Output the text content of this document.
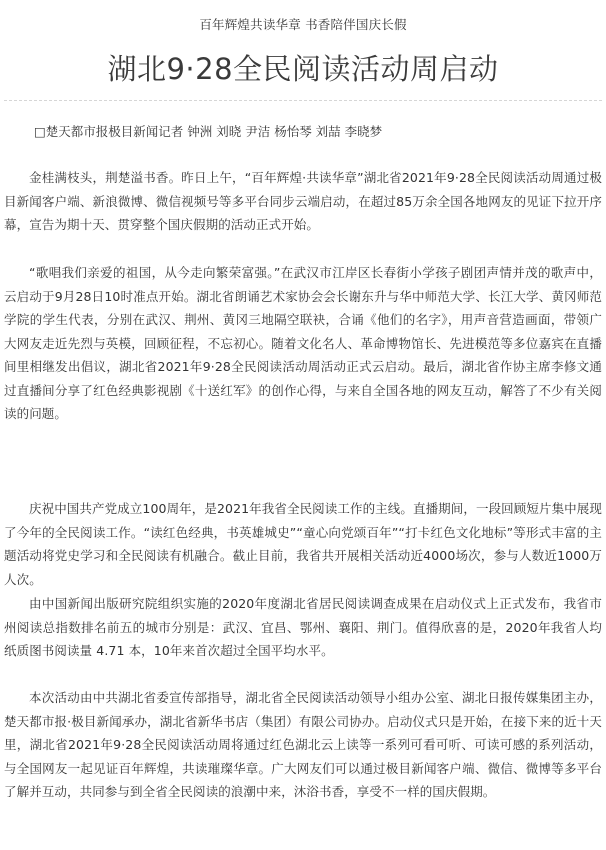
百年辉煌共读华章 书香陪伴国庆长假
湖北9·28全民阅读活动周启动
□楚天都市报极目新闻记者 钟洲 刘晓 尹洁 杨怡琴 刘喆 李晓梦

金桂满枝头，荆楚溢书香。昨日上午，“百年辉煌·共读华章”湖北省2021年9·28全民阅读活动周通过极目新闻客户端、新浪微博、微信视频号等多平台同步云端启动，在超过85万余全国各地网友的见证下拉开序幕，宣告为期十天、贯穿整个国庆假期的活动正式开始。

“歌唱我们亲爱的祖国，从今走向繁荣富强。”在武汉市江岸区长春街小学孩子剧团声情并茂的歌声中，云启动于9月28日10时准点开始。湖北省朗诵艺术家协会会长谢东升与华中师范大学、长江大学、黄冈师范学院的学生代表，分别在武汉、荆州、黄冈三地隔空联袂，合诵《他们的名字》，用声音营造画面，带领广大网友走近先烈与英模，回顾征程，不忘初心。随着文化名人、革命博物馆长、先进模范等多位嘉宾在直播间里相继发出倡议，湖北省2021年9·28全民阅读活动周活动正式云启动。最后，湖北省作协主席李修文通过直播间分享了红色经典影视剧《十送红军》的创作心得，与来自全国各地的网友互动，解答了不少有关阅读的问题。

庆祝中国共产党成立100周年，是2021年我省全民阅读工作的主线。直播期间，一段回顾短片集中展现了今年的全民阅读工作。“读红色经典，书英雄城史”“童心向党颂百年”“打卡红色文化地标”等形式丰富的主题活动将党史学习和全民阅读有机融合。截止目前，我省共开展相关活动近4000场次，参与人数近1000万人次。

由中国新闻出版研究院组织实施的2020年度湖北省居民阅读调查成果在启动仪式上正式发布，我省市州阅读总指数排名前五的城市分别是：武汉、宜昌、鄂州、襄阳、荆门。值得欣喜的是，2020年我省人均纸质图书阅读量 4.71 本，10年来首次超过全国平均水平。

本次活动由中共湖北省委宣传部指导，湖北省全民阅读活动领导小组办公室、湖北日报传媒集团主办，楚天都市报·极目新闻承办，湖北省新华书店（集团）有限公司协办。启动仪式只是开始，在接下来的近十天里，湖北省2021年9·28全民阅读活动周将通过红色湖北云上读等一系列可看可听、可读可感的系列活动，与全国网友一起见证百年辉煌，共读璀璨华章。广大网友们可以通过极目新闻客户端、微信、微博等多平台了解并互动，共同参与到全省全民阅读的浪潮中来，沐浴书香，享受不一样的国庆假期。
